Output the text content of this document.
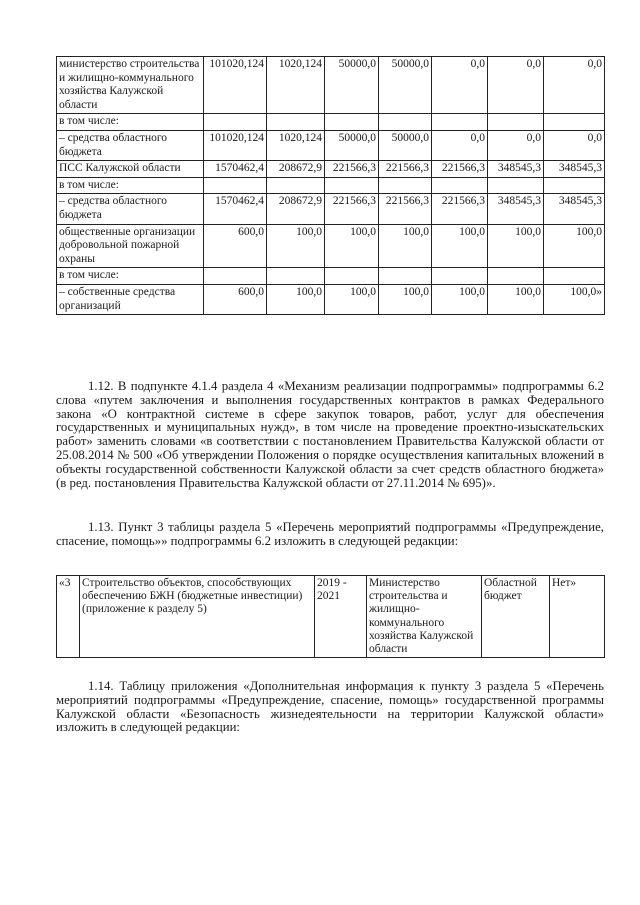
министерство строительства и жилищно-коммунального хозяйства Калужской области	101020,124	1020,124	50000,0	50000,0	0,0	0,0	0,0
в том числе:							
– средства областного бюджета	101020,124	1020,124	50000,0	50000,0	0,0	0,0	0,0
ПСС Калужской области	1570462,4	208672,9	221566,3	221566,3	221566,3	348545,3	348545,3
в том числе:							
– средства областного бюджета	1570462,4	208672,9	221566,3	221566,3	221566,3	348545,3	348545,3
общественные организации добровольной пожарной охраны	600,0	100,0	100,0	100,0	100,0	100,0	100,0
в том числе:							
– собственные средства организаций	600,0	100,0	100,0	100,0	100,0	100,0	100,0»

1.12. В подпункте 4.1.4 раздела 4 «Механизм реализации подпрограммы» подпрограммы 6.2 слова «путем заключения и выполнения государственных контрактов в рамках Федерального закона «О контрактной системе в сфере закупок товаров, работ, услуг для обеспечения государственных и муниципальных нужд», в том числе на проведение проектно-изыскательских работ» заменить словами «в соответствии с постановлением Правительства Калужской области от 25.08.2014 № 500 «Об утверждении Положения о порядке осуществления капитальных вложений в объекты государственной собственности Калужской области за счет средств областного бюджета» (в ред. постановления Правительства Калужской области от 27.11.2014 № 695)».

1.13. Пункт 3 таблицы раздела 5 «Перечень мероприятий подпрограммы «Предупреждение, спасение, помощь»» подпрограммы 6.2 изложить в следующей редакции:

«3	Строительство объектов, способствующих обеспечению БЖН (бюджетные инвестиции) (приложение к разделу 5)	2019 - 2021	Министерство строительства и жилищно-коммунального хозяйства Калужской области	Областной бюджет	Нет»

1.14. Таблицу приложения «Дополнительная информация к пункту 3 раздела 5 «Перечень мероприятий подпрограммы «Предупреждение, спасение, помощь» государственной программы Калужской области «Безопасность жизнедеятельности на территории Калужской области» изложить в следующей редакции:
